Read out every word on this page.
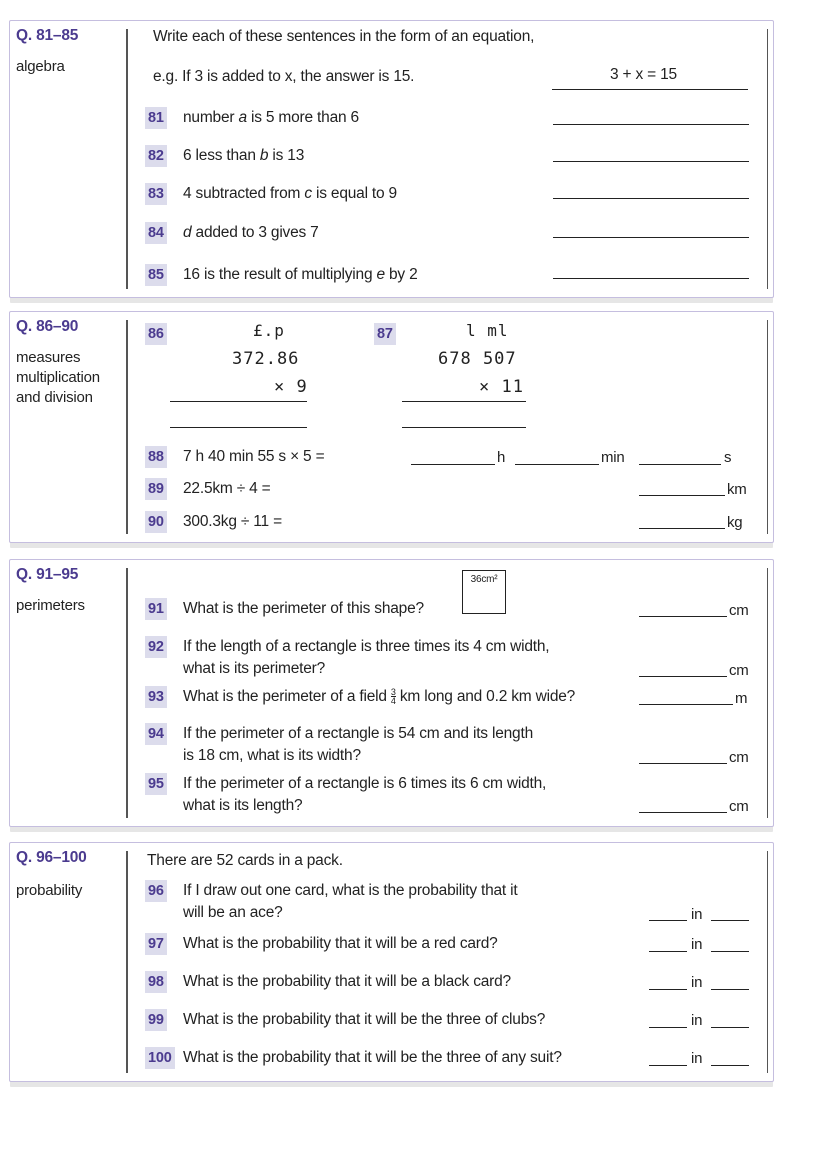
Q. 81–85
algebra
Write each of these sentences in the form of an equation,
e.g. If 3 is added to x, the answer is 15.	3 + x = 15
81 number a is 5 more than 6
82 6 less than b is 13
83 4 subtracted from c is equal to 9
84 d added to 3 gives 7
85 16 is the result of multiplying e by 2
Q. 86–90
measures
multiplication
and division
86	£.p
372.86
× 9
87	l ml
678 507
× 11
88 7 h 40 min 55 s × 5 =	h	min	s
89 22.5km ÷ 4 =	km
90 300.3kg ÷ 11 =	kg
Q. 91–95
perimeters
36cm²
91 What is the perimeter of this shape?	cm
92 If the length of a rectangle is three times its 4 cm width,
what is its perimeter?	cm
93 What is the perimeter of a field $\frac{3}{4}$ km long and 0.2 km wide?	m
94 If the perimeter of a rectangle is 54 cm and its length
is 18 cm, what is its width?	cm
95 If the perimeter of a rectangle is 6 times its 6 cm width,
what is its length?	cm
Q. 96–100
probability
There are 52 cards in a pack.
96 If I draw out one card, what is the probability that it
will be an ace?	in
97 What is the probability that it will be a red card?	in
98 What is the probability that it will be a black card?	in
99 What is the probability that it will be the three of clubs?	in
100 What is the probability that it will be the three of any suit?	in
